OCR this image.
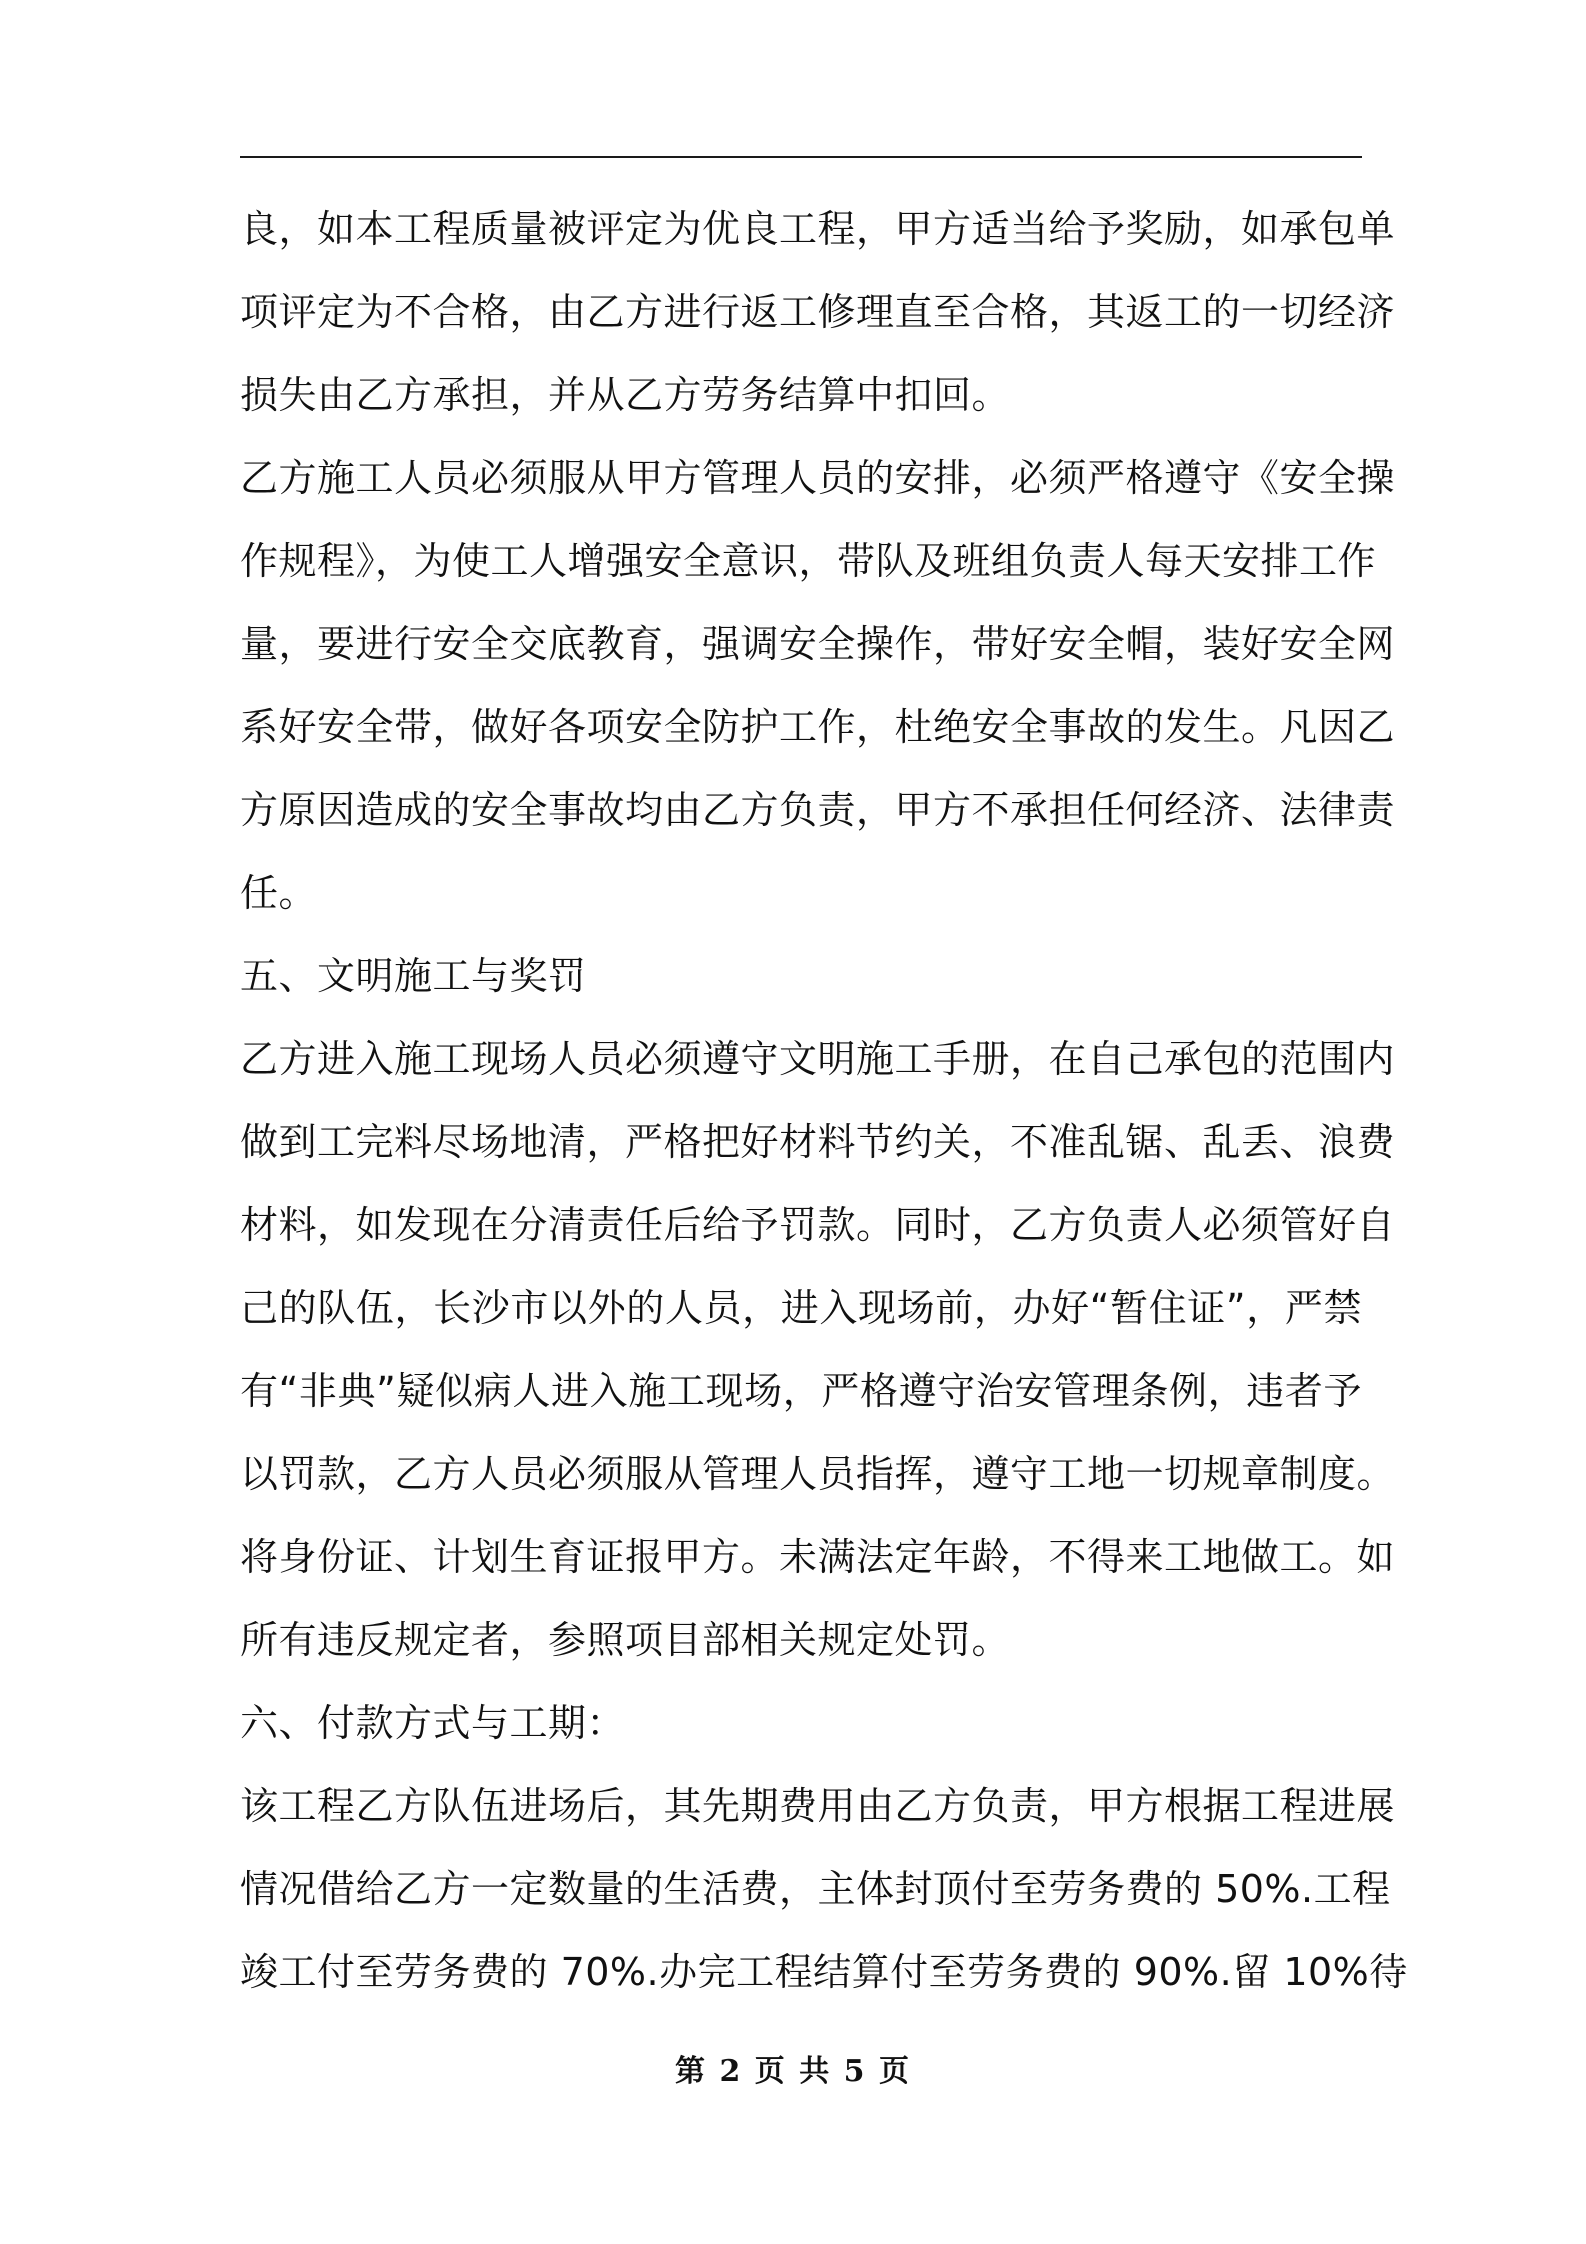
良，如本工程质量被评定为优良工程，甲方适当给予奖励，如承包单
项评定为不合格，由乙方进行返工修理直至合格，其返工的一切经济
损失由乙方承担，并从乙方劳务结算中扣回。
乙方施工人员必须服从甲方管理人员的安排，必须严格遵守《安全操
作规程》，为使工人增强安全意识，带队及班组负责人每天安排工作
量，要进行安全交底教育，强调安全操作，带好安全帽，装好安全网
系好安全带，做好各项安全防护工作，杜绝安全事故的发生。凡因乙
方原因造成的安全事故均由乙方负责，甲方不承担任何经济、法律责
任。
五、文明施工与奖罚
乙方进入施工现场人员必须遵守文明施工手册，在自己承包的范围内
做到工完料尽场地清，严格把好材料节约关，不准乱锯、乱丢、浪费
材料，如发现在分清责任后给予罚款。同时，乙方负责人必须管好自
己的队伍，长沙市以外的人员，进入现场前，办好“暂住证”，严禁
有“非典”疑似病人进入施工现场，严格遵守治安管理条例，违者予
以罚款，乙方人员必须服从管理人员指挥，遵守工地一切规章制度。
将身份证、计划生育证报甲方。未满法定年龄，不得来工地做工。如
所有违反规定者，参照项目部相关规定处罚。
六、付款方式与工期：
该工程乙方队伍进场后，其先期费用由乙方负责，甲方根据工程进展
情况借给乙方一定数量的生活费，主体封顶付至劳务费的 50%.工程
竣工付至劳务费的 70%.办完工程结算付至劳务费的 90%.留 10%待
第 2 页 共 5 页
